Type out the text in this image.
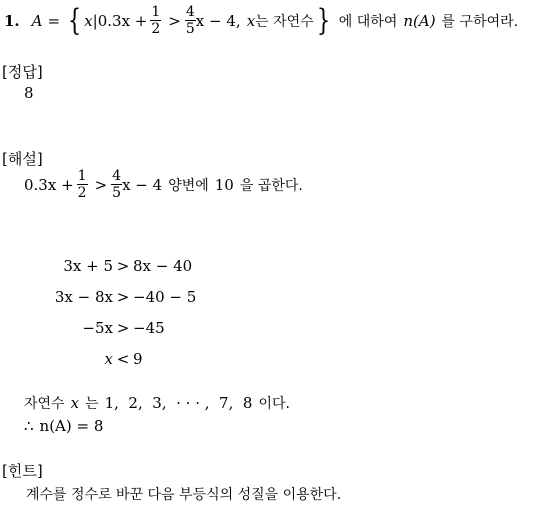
1. A = { x | $0.3x + \frac{1}{2} > \frac{4}{5}$ x − 4, x 는 자연수 } 에 대하여 n(A) 를 구하여라.
[정답]
8
[해설]
$0.3x + \frac{1}{2} > \frac{4}{5}$ x − 4 양변에 10 을 곱한다.
3x + 5 > 8x − 40
3x − 8x > −40 − 5
−5x > −45
x < 9
자연수 x 는 1,  2,  3,  · · · ,  7,  8 이다.
∴ n(A) = 8
[힌트]
계수를 정수로 바꾼 다음 부등식의 성질을 이용한다.
